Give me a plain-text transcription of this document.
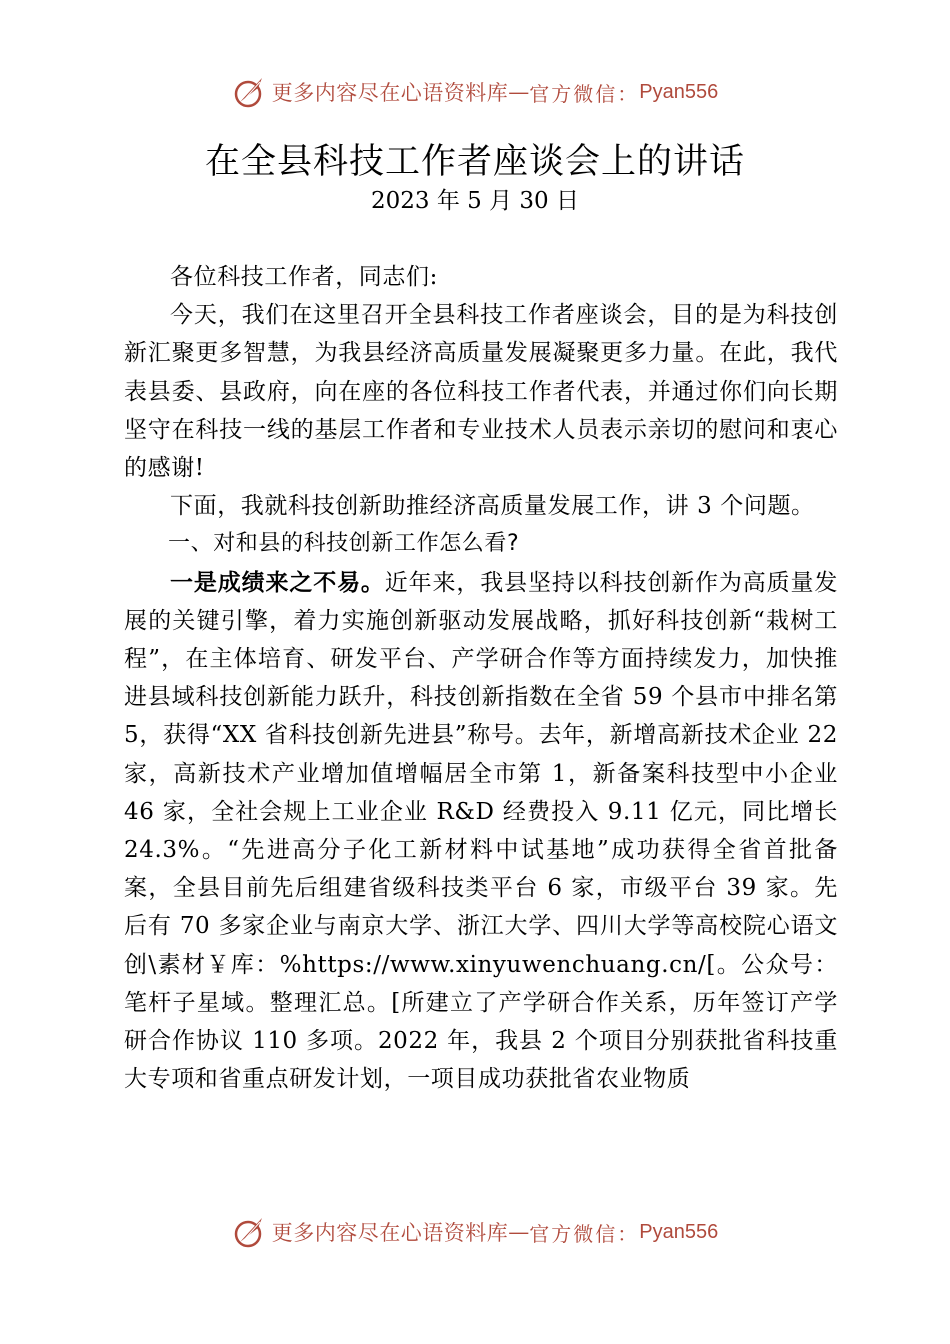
更多内容尽在心语资料库 — 官方微信： Pyan556
在全县科技工作者座谈会上的讲话
2023 年 5 月 30 日

各位科技工作者，同志们:

今天，我们在这里召开全县科技工作者座谈会，目的是为科技创新汇聚更多智慧，为我县经济高质量发展凝聚更多力量。在此，我代表县委、县政府，向在座的各位科技工作者代表，并通过你们向长期坚守在科技一线的基层工作者和专业技术人员表示亲切的慰问和衷心的感谢!

下面，我就科技创新助推经济高质量发展工作，讲 3 个问题。

一、对和县的科技创新工作怎么看?

一是成绩来之不易。近年来，我县坚持以科技创新作为高质量发展的关键引擎，着力实施创新驱动发展战略，抓好科技创新“栽树工程”，在主体培育、研发平台、产学研合作等方面持续发力，加快推进县域科技创新能力跃升，科技创新指数在全省 59 个县市中排名第 5，获得“XX 省科技创新先进县”称号。去年，新增高新技术企业 22 家，高新技术产业增加值增幅居全市第 1，新备案科技型中小企业 46 家，全社会规上工业企业 R&D 经费投入 9.11 亿元，同比增长 24.3%。“先进高分子化工新材料中试基地”成功获得全省首批备案，全县目前先后组建省级科技类平台 6 家，市级平台 39 家。先后有 70 多家企业与南京大学、浙江大学、四川大学等高校院心语文创\素材￥库：%https://www.xinyuwenchuang.cn/[。公众号：笔杆子星域。整理汇总。[所建立了产学研合作关系，历年签订产学研合作协议 110 多项。2022 年，我县 2 个项目分别获批省科技重大专项和省重点研发计划，一项目成功获批省农业物质

更多内容尽在心语资料库 — 官方微信： Pyan556
